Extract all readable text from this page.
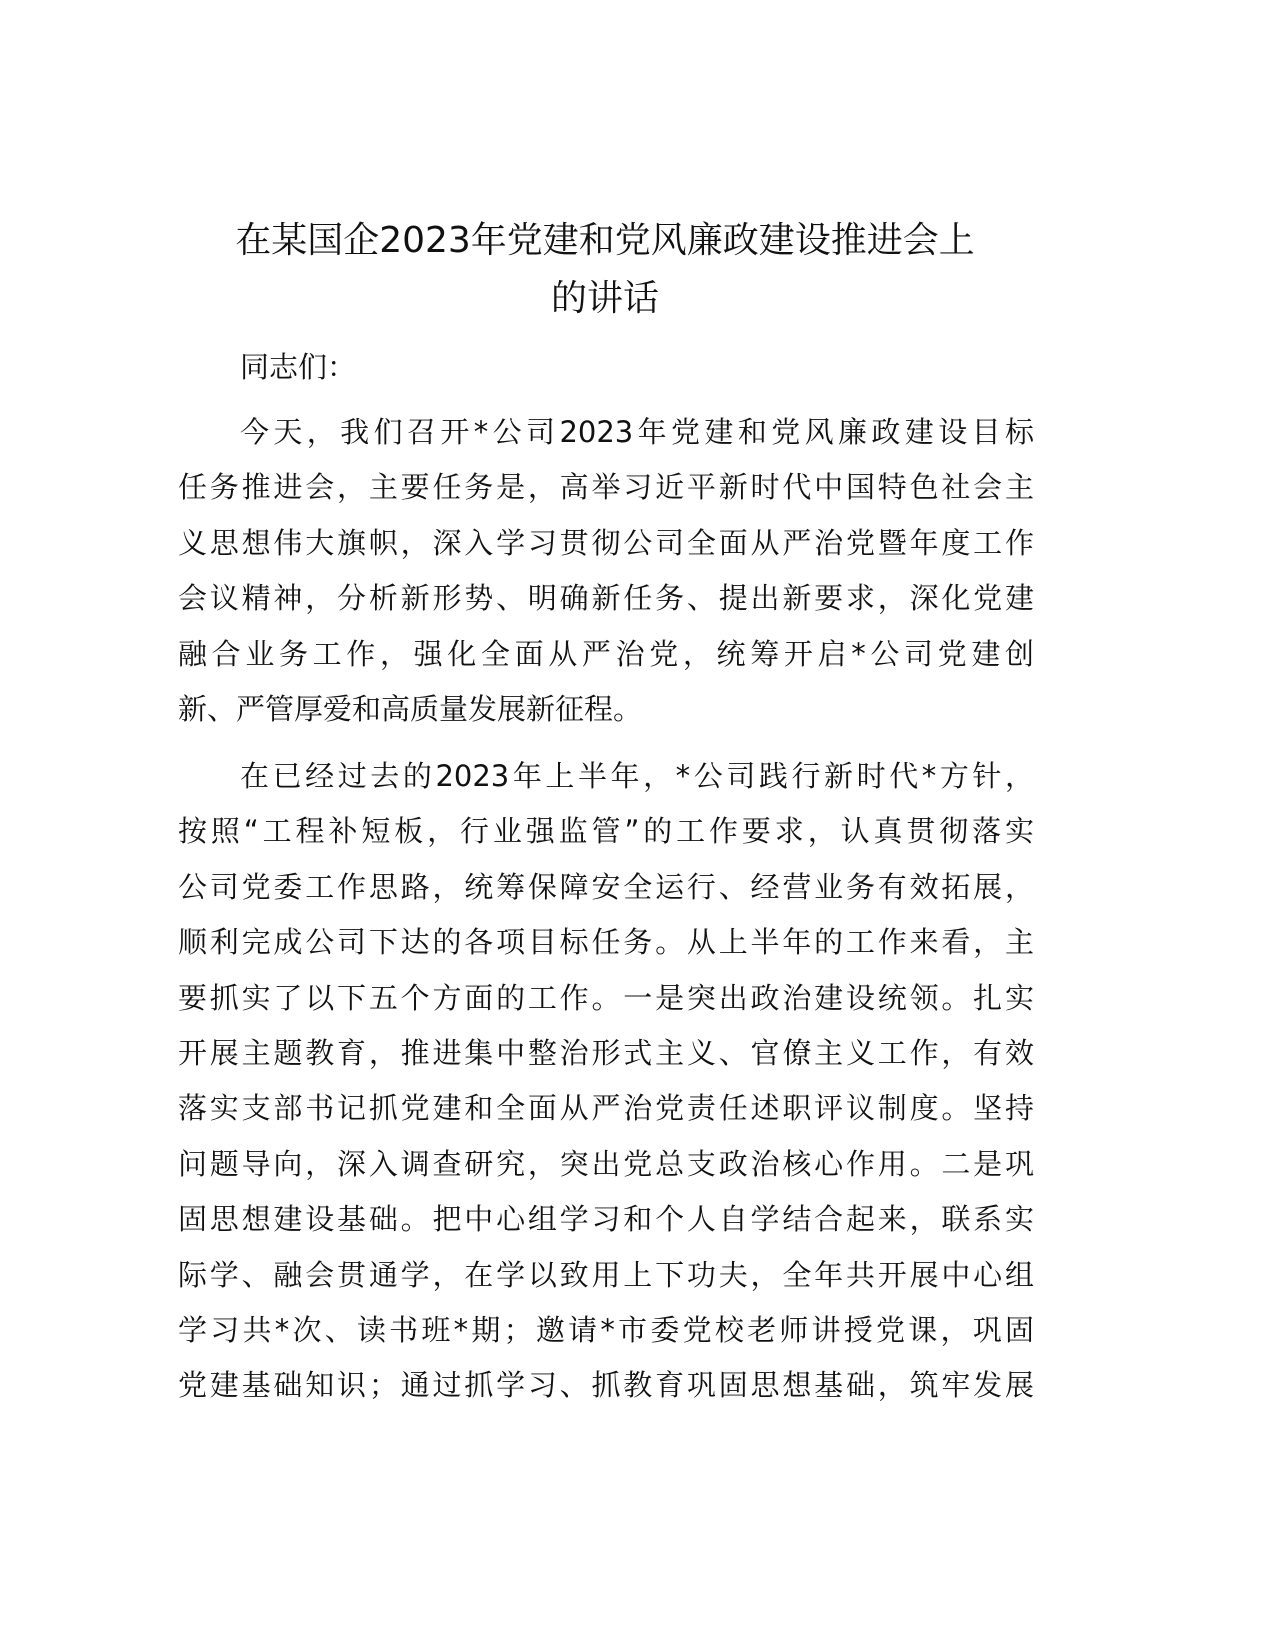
在某国企2023年党建和党风廉政建设推进会上
的讲话
同志们：
今天，我们召开*公司2023年党建和党风廉政建设目标
任务推进会，主要任务是，高举习近平新时代中国特色社会主
义思想伟大旗帜，深入学习贯彻公司全面从严治党暨年度工作
会议精神，分析新形势、明确新任务、提出新要求，深化党建
融合业务工作，强化全面从严治党，统筹开启*公司党建创
新、严管厚爱和高质量发展新征程。
在已经过去的2023年上半年，*公司践行新时代*方针，
按照“工程补短板，行业强监管”的工作要求，认真贯彻落实
公司党委工作思路，统筹保障安全运行、经营业务有效拓展，
顺利完成公司下达的各项目标任务。从上半年的工作来看，主
要抓实了以下五个方面的工作。一是突出政治建设统领。扎实
开展主题教育，推进集中整治形式主义、官僚主义工作，有效
落实支部书记抓党建和全面从严治党责任述职评议制度。坚持
问题导向，深入调查研究，突出党总支政治核心作用。二是巩
固思想建设基础。把中心组学习和个人自学结合起来，联系实
际学、融会贯通学，在学以致用上下功夫，全年共开展中心组
学习共*次、读书班*期；邀请*市委党校老师讲授党课，巩固
党建基础知识；通过抓学习、抓教育巩固思想基础，筑牢发展
